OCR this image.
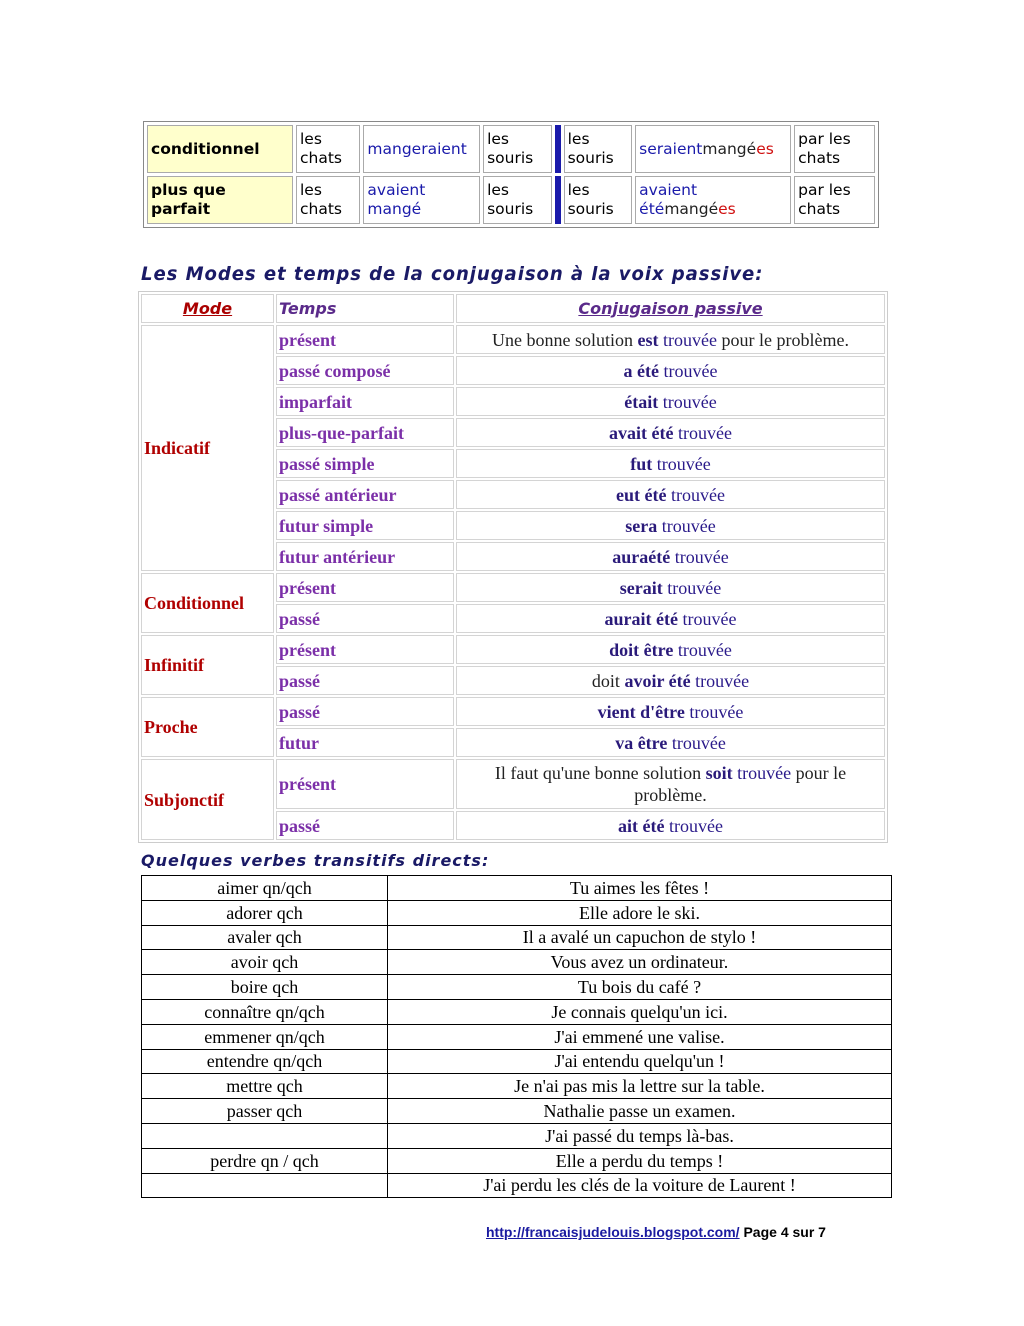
conditionnel	les chats	mangeraient	les souris		les souris	seraientmangées	par les chats
plus que parfait	les chats	avaient mangé	les souris		les souris	avaient étémangées	par les chats
Les Modes et temps de la conjugaison à la voix passive:
Mode	Temps	Conjugaison passive
Indicatif	présent	Une bonne solution est trouvée pour le problème.
	passé composé	a été trouvée
	imparfait	était trouvée
	plus-que-parfait	avait été trouvée
	passé simple	fut trouvée
	passé antérieur	eut été trouvée
	futur simple	sera trouvée
	futur antérieur	auraété trouvée
Conditionnel	présent	serait trouvée
	passé	aurait été trouvée
Infinitif	présent	doit être trouvée
	passé	doit avoir été trouvée
Proche	passé	vient d'être trouvée
	futur	va être trouvée
Subjonctif	présent	Il faut qu'une bonne solution soit trouvée pour le problème.
	passé	ait été trouvée
Quelques verbes transitifs directs:
aimer qn/qch	Tu aimes les fêtes !
adorer qch	Elle adore le ski.
avaler qch	Il a avalé un capuchon de stylo !
avoir qch	Vous avez un ordinateur.
boire qch	Tu bois du café ?
connaître qn/qch	Je connais quelqu'un ici.
emmener qn/qch	J'ai emmené une valise.
entendre qn/qch	J'ai entendu quelqu'un !
mettre qch	Je n'ai pas mis la lettre sur la table.
passer qch	Nathalie passe un examen.
	J'ai passé du temps là-bas.
perdre qn / qch	Elle a perdu du temps !
	J'ai perdu les clés de la voiture de Laurent !
http://francaisjudelouis.blogspot.com/ Page 4 sur 7
